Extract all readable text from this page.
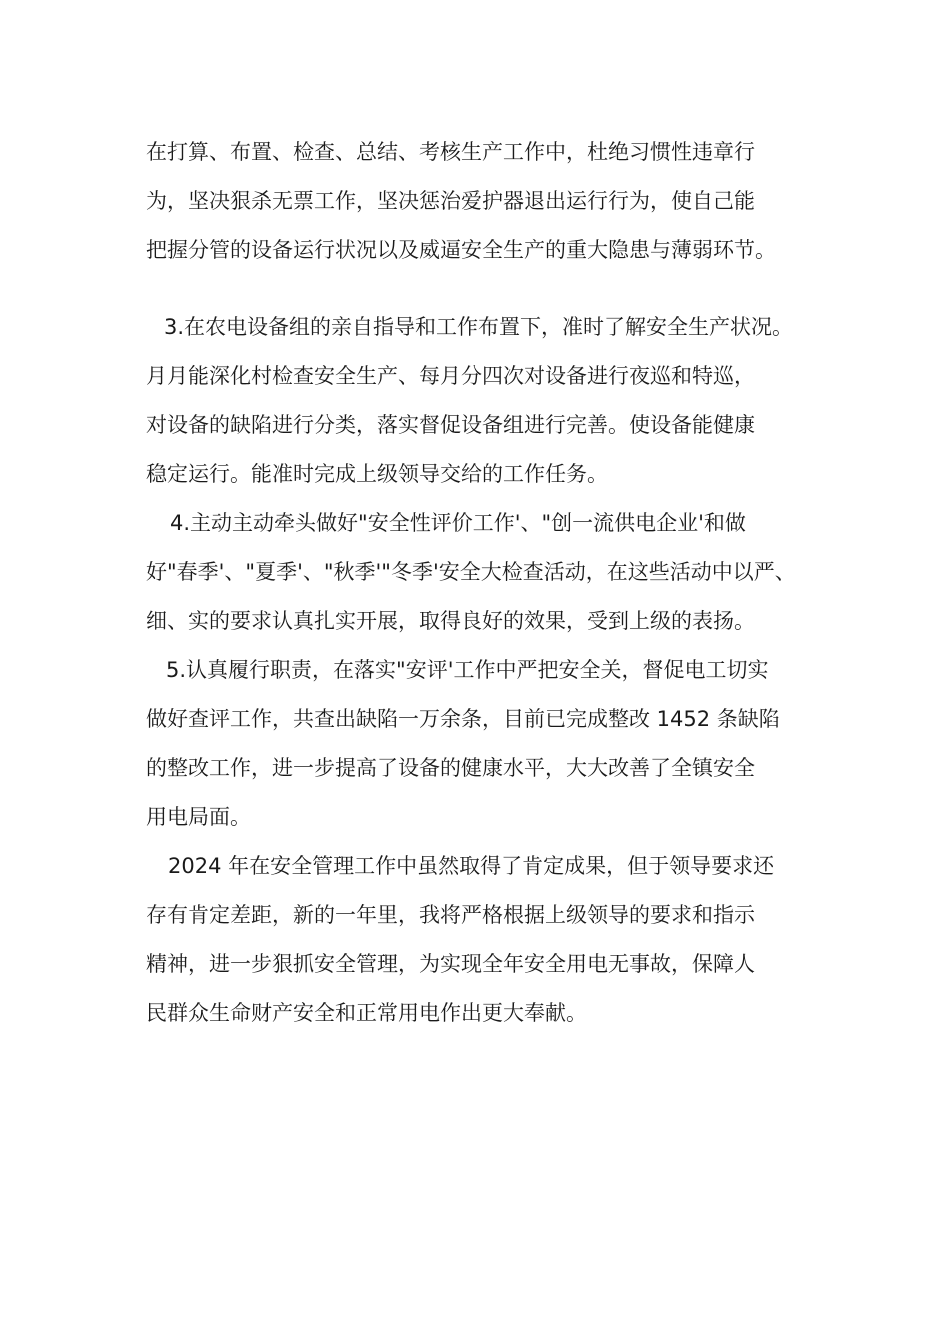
在打算、布置、检查、总结、考核生产工作中，杜绝习惯性违章行
为，坚决狠杀无票工作，坚决惩治爱护器退出运行行为，使自己能
把握分管的设备运行状况以及威逼安全生产的重大隐患与薄弱环节。
3.在农电设备组的亲自指导和工作布置下，准时了解安全生产状况。
月月能深化村检查安全生产、每月分四次对设备进行夜巡和特巡，
对设备的缺陷进行分类，落实督促设备组进行完善。使设备能健康
稳定运行。能准时完成上级领导交给的工作任务。
4.主动主动牵头做好"安全性评价工作'、"创一流供电企业'和做
好"春季'、"夏季'、"秋季'"冬季'安全大检查活动，在这些活动中以严、
细、实的要求认真扎实开展，取得良好的效果，受到上级的表扬。
5.认真履行职责，在落实"安评'工作中严把安全关，督促电工切实
做好查评工作，共查出缺陷一万余条，目前已完成整改 1452 条缺陷
的整改工作，进一步提高了设备的健康水平，大大改善了全镇安全
用电局面。
2024 年在安全管理工作中虽然取得了肯定成果，但于领导要求还
存有肯定差距，新的一年里，我将严格根据上级领导的要求和指示
精神，进一步狠抓安全管理，为实现全年安全用电无事故，保障人
民群众生命财产安全和正常用电作出更大奉献。
